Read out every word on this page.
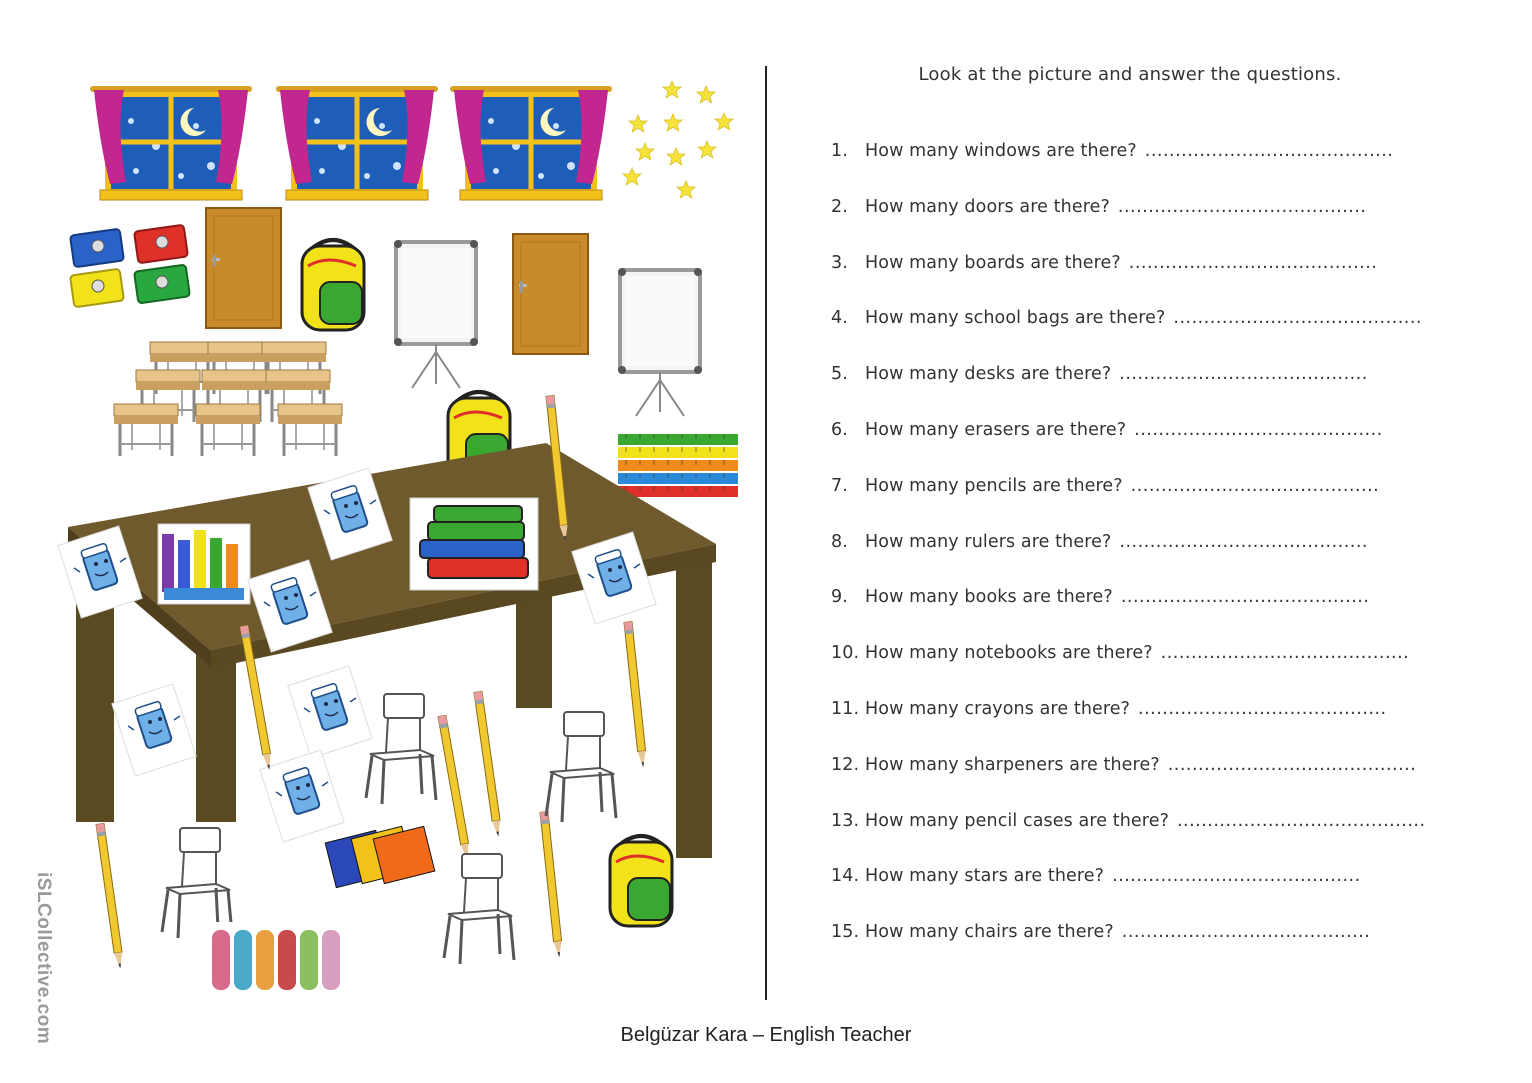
Look at the picture and answer the questions.
1. How many windows are there? .........................................
2. How many doors are there? .........................................
3. How many boards are there? .........................................
4. How many school bags are there? .........................................
5. How many desks are there? .........................................
6. How many erasers are there? .........................................
7. How many pencils are there? .........................................
8. How many rulers are there? .........................................
9. How many books are there? .........................................
10. How many notebooks are there? .........................................
11. How many crayons are there? .........................................
12. How many sharpeners are there? .........................................
13. How many pencil cases are there? .........................................
14. How many stars are there? .........................................
15. How many chairs are there? .........................................
Belgüzar Kara – English Teacher
iSLCollective.com
